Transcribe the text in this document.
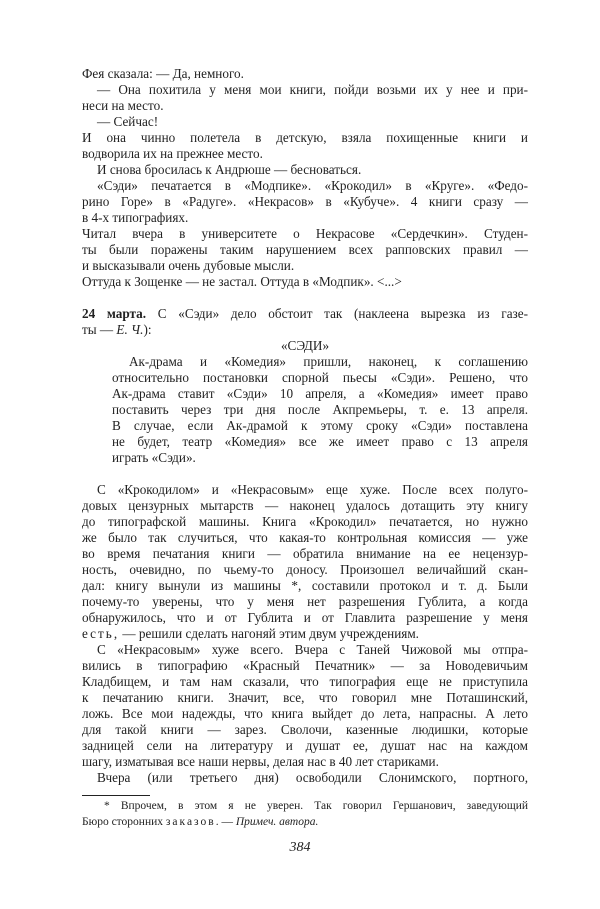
Фея сказала: — Да, немного.
— Она похитила у меня мои книги, пойди возьми их у нее и при-
неси на место.
— Сейчас!
И она чинно полетела в детскую, взяла похищенные книги и
водворила их на прежнее место.
И снова бросилась к Андрюше — бесноваться.
«Сэди» печатается в «Модпике». «Крокодил» в «Круге». «Федо-
рино Горе» в «Радуге». «Некрасов» в «Кубуче». 4 книги сразу —
в 4-х типографиях.
Читал вчера в университете о Некрасове «Сердечкин». Студен-
ты были поражены таким нарушением всех рапповских правил —
и высказывали очень дубовые мысли.
Оттуда к Зощенке — не застал. Оттуда в «Модпик». <...>
24 марта. С «Сэди» дело обстоит так (наклеена вырезка из газе-
ты — Е. Ч.):
«СЭДИ»
Ак-драма и «Комедия» пришли, наконец, к соглашению
относительно постановки спорной пьесы «Сэди». Решено, что
Ак-драма ставит «Сэди» 10 апреля, а «Комедия» имеет право
поставить через три дня после Акпремьеры, т. е. 13 апреля.
В случае, если Ак-драмой к этому сроку «Сэди» поставлена
не будет, театр «Комедия» все же имеет право с 13 апреля
играть «Сэди».
С «Крокодилом» и «Некрасовым» еще хуже. После всех полуго-
довых цензурных мытарств — наконец удалось дотащить эту книгу
до типографской машины. Книга «Крокодил» печатается, но нужно
же было так случиться, что какая-то контрольная комиссия — уже
во время печатания книги — обратила внимание на ее нецензур-
ность, очевидно, по чьему-то доносу. Произошел величайший скан-
дал: книгу вынули из машины *, составили протокол и т. д. Были
почему-то уверены, что у меня нет разрешения Гублита, а когда
обнаружилось, что и от Гублита и от Главлита разрешение у меня
есть, — решили сделать нагоняй этим двум учреждениям.
С «Некрасовым» хуже всего. Вчера с Таней Чижовой мы отпра-
вились в типографию «Красный Печатник» — за Новодевичьим
Кладбищем, и там нам сказали, что типография еще не приступила
к печатанию книги. Значит, все, что говорил мне Поташинский,
ложь. Все мои надежды, что книга выйдет до лета, напрасны. А лето
для такой книги — зарез. Сволочи, казенные людишки, которые
задницей сели на литературу и душат ее, душат нас на каждом
шагу, изматывая все наши нервы, делая нас в 40 лет стариками.
Вчера (или третьего дня) освободили Слонимского, портного,
* Впрочем, в этом я не уверен. Так говорил Гершанович, заведующий
Бюро сторонних заказов. — Примеч. автора.
384
